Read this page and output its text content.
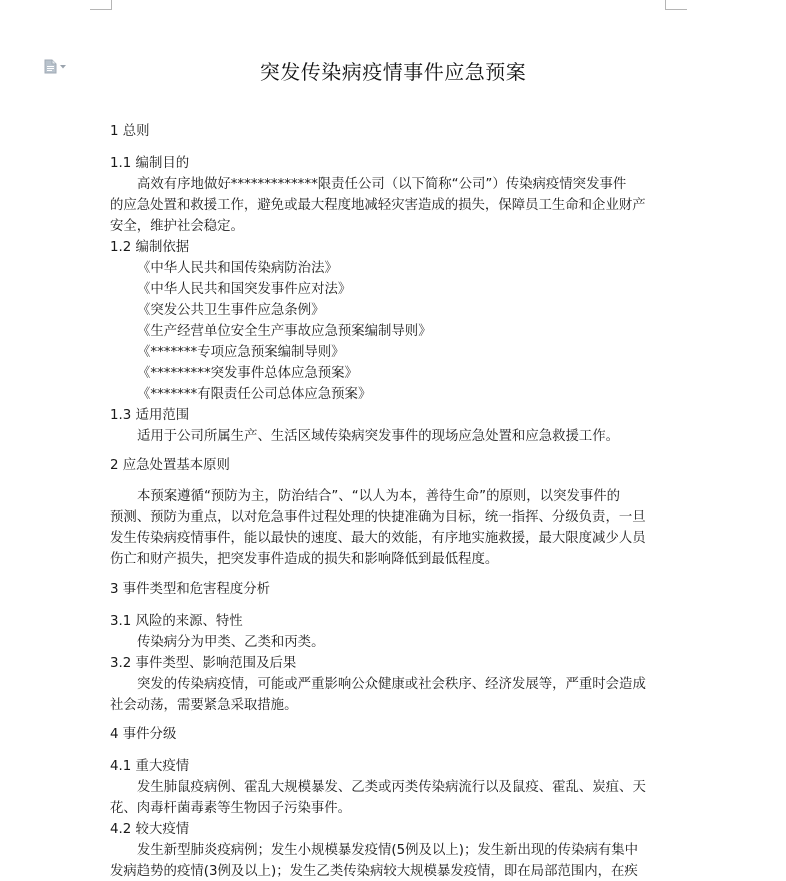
突发传染病疫情事件应急预案
1 总则
1.1 编制目的
高效有序地做好*************限责任公司（以下简称“公司”）传染病疫情突发事件
的应急处置和救援工作，避免或最大程度地减轻灾害造成的损失，保障员工生命和企业财产
安全，维护社会稳定。
1.2 编制依据
《中华人民共和国传染病防治法》
《中华人民共和国突发事件应对法》
《突发公共卫生事件应急条例》
《生产经营单位安全生产事故应急预案编制导则》
《*******专项应急预案编制导则》
《*********突发事件总体应急预案》
《*******有限责任公司总体应急预案》
1.3 适用范围
适用于公司所属生产、生活区域传染病突发事件的现场应急处置和应急救援工作。
2 应急处置基本原则
本预案遵循“预防为主，防治结合”、“以人为本，善待生命”的原则，以突发事件的
预测、预防为重点，以对危急事件过程处理的快捷准确为目标，统一指挥、分级负责，一旦
发生传染病疫情事件，能以最快的速度、最大的效能，有序地实施救援，最大限度减少人员
伤亡和财产损失，把突发事件造成的损失和影响降低到最低程度。
3 事件类型和危害程度分析
3.1 风险的来源、特性
传染病分为甲类、乙类和丙类。
3.2 事件类型、影响范围及后果
突发的传染病疫情，可能或严重影响公众健康或社会秩序、经济发展等，严重时会造成
社会动荡，需要紧急采取措施。
4 事件分级
4.1 重大疫情
发生肺鼠疫病例、霍乱大规模暴发、乙类或丙类传染病流行以及鼠疫、霍乱、炭疽、天
花、肉毒杆菌毒素等生物因子污染事件。
4.2 较大疫情
发生新型肺炎疫病例；发生小规模暴发疫情(5例及以上)；发生新出现的传染病有集中
发病趋势的疫情(3例及以上)；发生乙类传染病较大规模暴发疫情，即在局部范围内，在疾
